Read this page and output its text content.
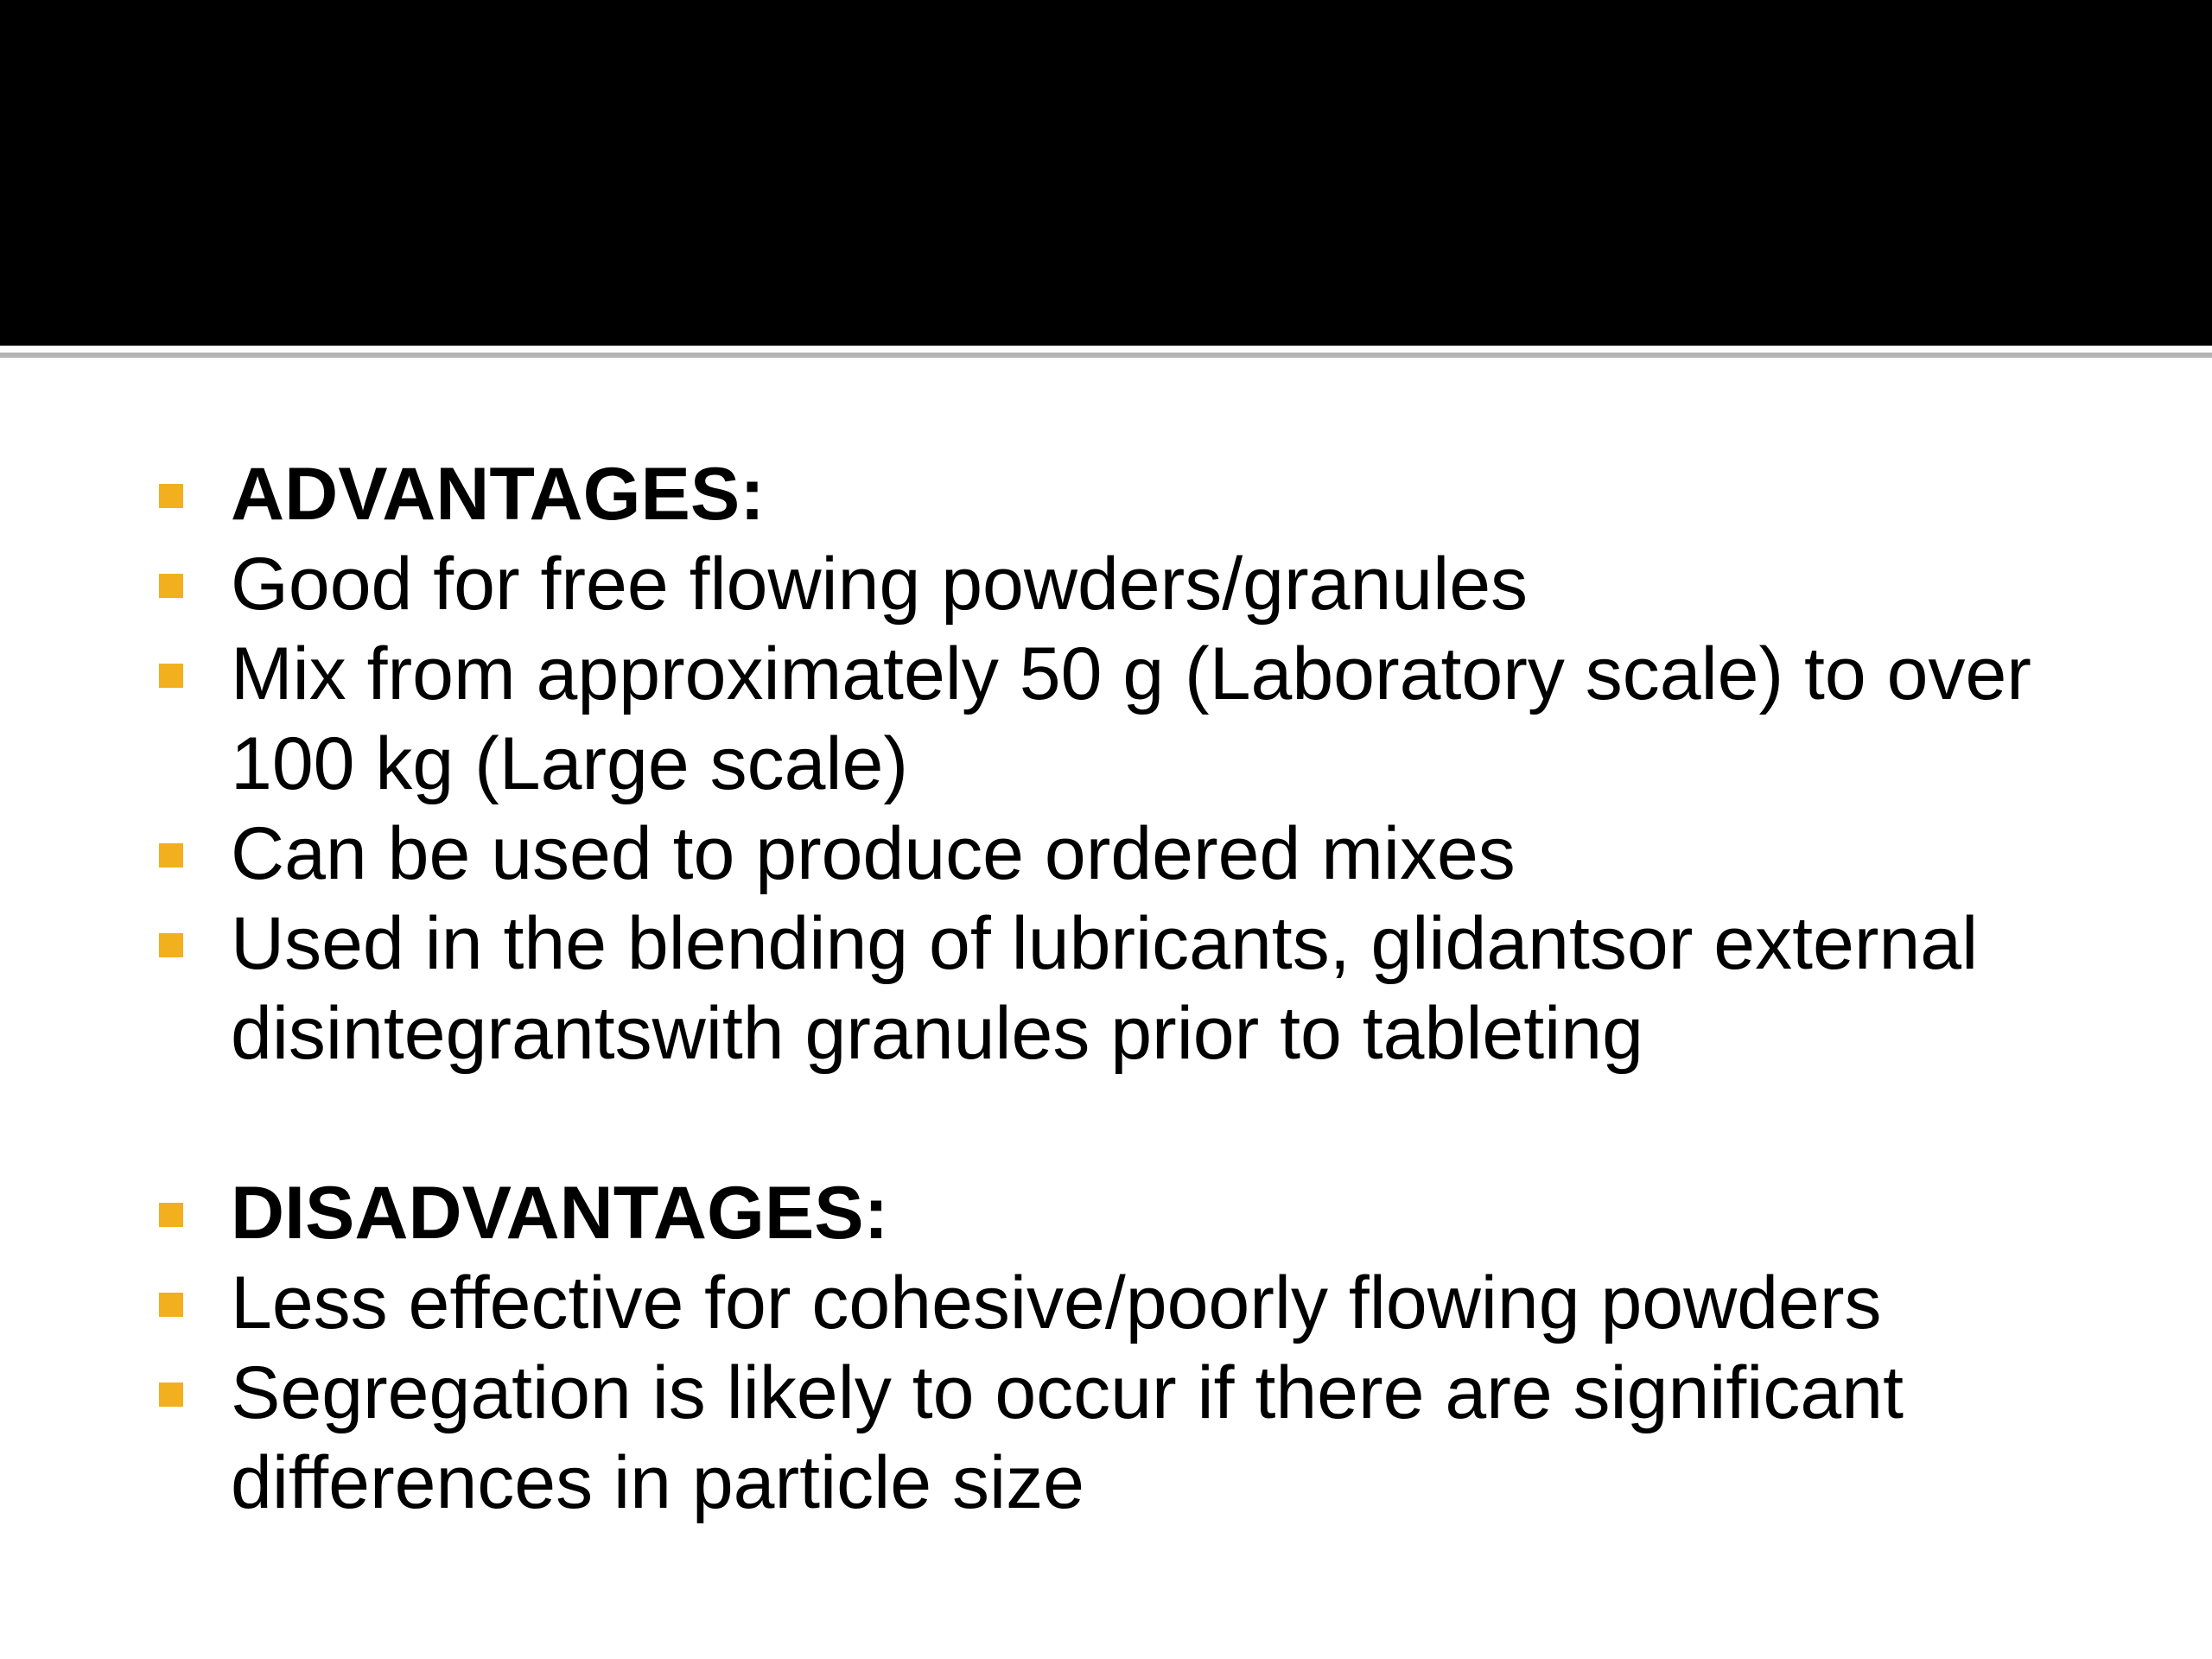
ADVANTAGES:
Good for free flowing powders/granules
Mix from approximately 50 g (Laboratory scale) to over 100 kg (Large scale)
Can be used to produce ordered mixes
Used in the blending of lubricants, glidantsor external disintegrantswith granules prior to tableting
DISADVANTAGES:
Less effective for cohesive/poorly flowing powders
Segregation is likely to occur if there are significant differences in particle size
